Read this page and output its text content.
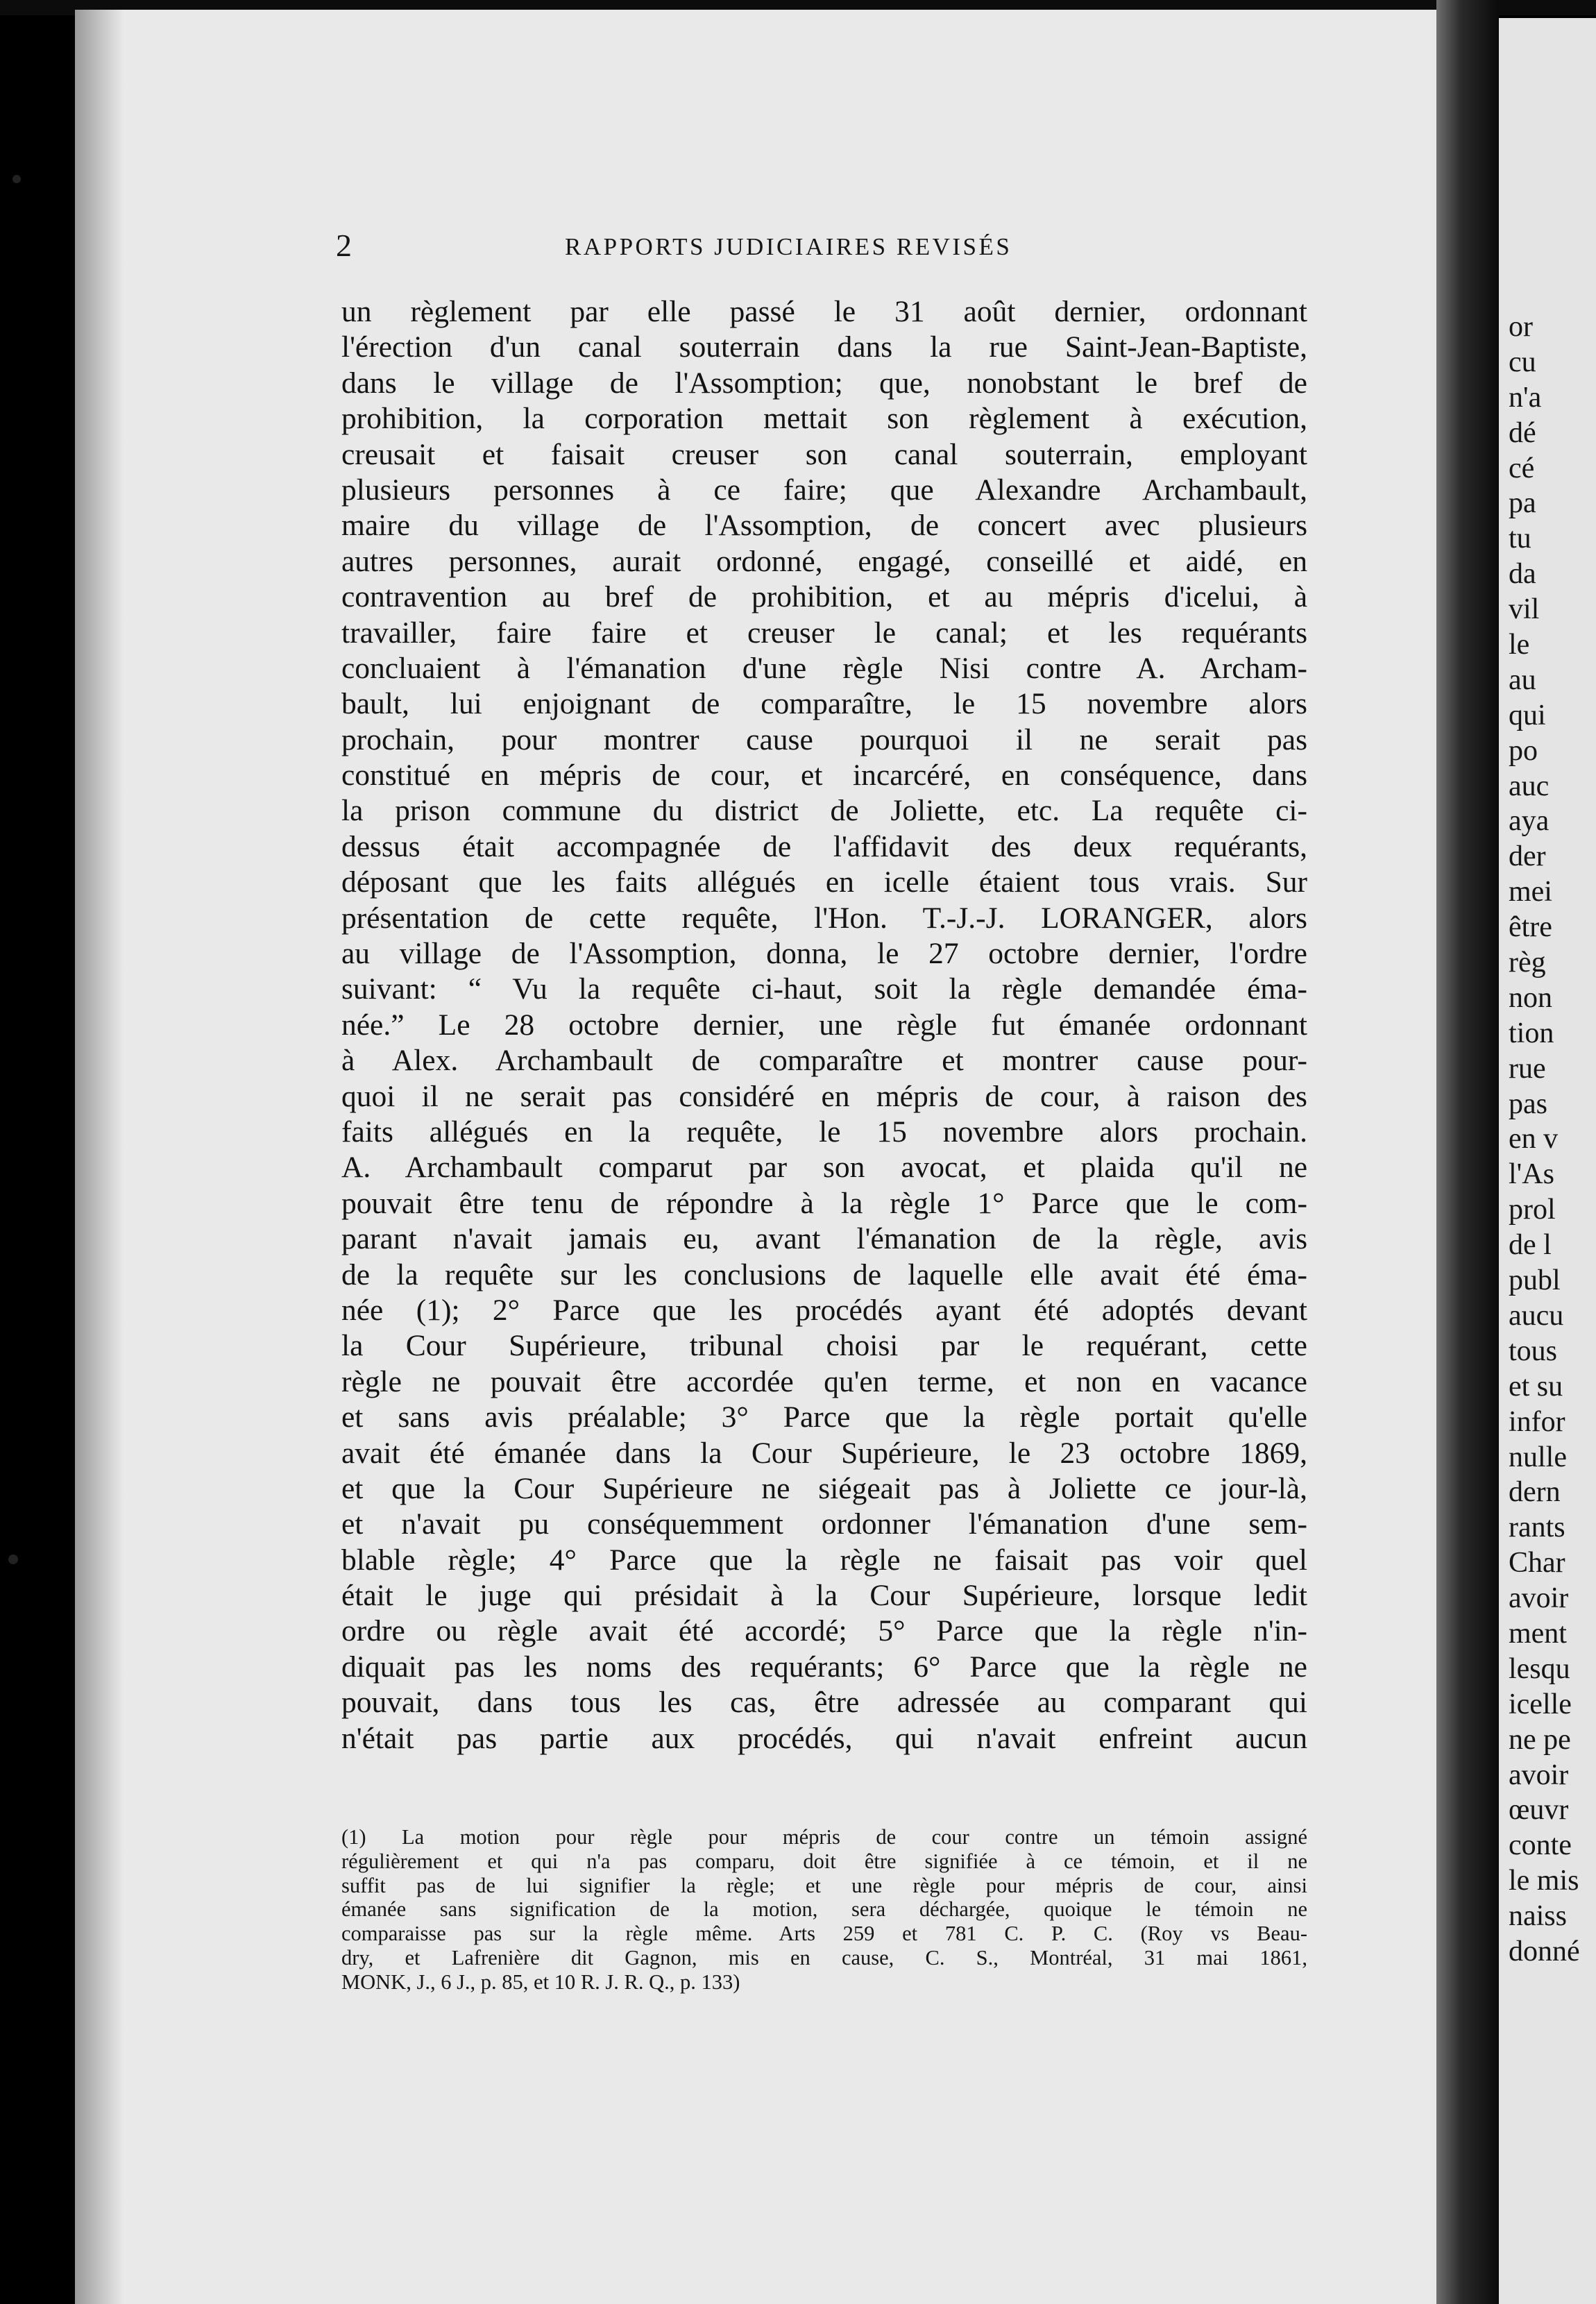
2	RAPPORTS JUDICIAIRES REVISÉS
un règlement par elle passé le 31 août dernier, ordonnant
l'érection d'un canal souterrain dans la rue Saint-Jean-Baptiste,
dans le village de l'Assomption; que, nonobstant le bref de
prohibition, la corporation mettait son règlement à exécution,
creusait et faisait creuser son canal souterrain, employant
plusieurs personnes à ce faire; que Alexandre Archambault,
maire du village de l'Assomption, de concert avec plusieurs
autres personnes, aurait ordonné, engagé, conseillé et aidé, en
contravention au bref de prohibition, et au mépris d'icelui, à
travailler, faire faire et creuser le canal; et les requérants
concluaient à l'émanation d'une règle Nisi contre A. Archam-
bault, lui enjoignant de comparaître, le 15 novembre alors
prochain, pour montrer cause pourquoi il ne serait pas
constitué en mépris de cour, et incarcéré, en conséquence, dans
la prison commune du district de Joliette, etc. La requête ci-
dessus était accompagnée de l'affidavit des deux requérants,
déposant que les faits allégués en icelle étaient tous vrais. Sur
présentation de cette requête, l'Hon. T.-J.-J. LORANGER, alors
au village de l'Assomption, donna, le 27 octobre dernier, l'ordre
suivant: “ Vu la requête ci-haut, soit la règle demandée éma-
née.” Le 28 octobre dernier, une règle fut émanée ordonnant
à Alex. Archambault de comparaître et montrer cause pour-
quoi il ne serait pas considéré en mépris de cour, à raison des
faits allégués en la requête, le 15 novembre alors prochain.
A. Archambault comparut par son avocat, et plaida qu'il ne
pouvait être tenu de répondre à la règle 1° Parce que le com-
parant n'avait jamais eu, avant l'émanation de la règle, avis
de la requête sur les conclusions de laquelle elle avait été éma-
née (1); 2° Parce que les procédés ayant été adoptés devant
la Cour Supérieure, tribunal choisi par le requérant, cette
règle ne pouvait être accordée qu'en terme, et non en vacance
et sans avis préalable; 3° Parce que la règle portait qu'elle
avait été émanée dans la Cour Supérieure, le 23 octobre 1869,
et que la Cour Supérieure ne siégeait pas à Joliette ce jour-là,
et n'avait pu conséquemment ordonner l'émanation d'une sem-
blable règle; 4° Parce que la règle ne faisait pas voir quel
était le juge qui présidait à la Cour Supérieure, lorsque ledit
ordre ou règle avait été accordé; 5° Parce que la règle n'in-
diquait pas les noms des requérants; 6° Parce que la règle ne
pouvait, dans tous les cas, être adressée au comparant qui
n'était pas partie aux procédés, qui n'avait enfreint aucun
(1) La motion pour règle pour mépris de cour contre un témoin assigné
régulièrement et qui n'a pas comparu, doit être signifiée à ce témoin, et il ne
suffit pas de lui signifier la règle; et une règle pour mépris de cour, ainsi
émanée sans signification de la motion, sera déchargée, quoique le témoin ne
comparaisse pas sur la règle même. Arts 259 et 781 C. P. C. (Roy vs Beau-
dry, et Lafrenière dit Gagnon, mis en cause, C. S., Montréal, 31 mai 1861,
MONK, J., 6 J., p. 85, et 10 R. J. R. Q., p. 133)
or
cu
n'a
dé
cé
pa
tu
da
vil
le
au
qui
po
auc
aya
der
mei
être
règ
non
tion
rue
pas
en v
l'As
prol
de l
publ
aucu
tous
et su
infor
nulle
dern
rants
Char
avoir
ment
lesqu
icelle
ne pe
avoir
œuvr
conte
le mis
naiss
donné
